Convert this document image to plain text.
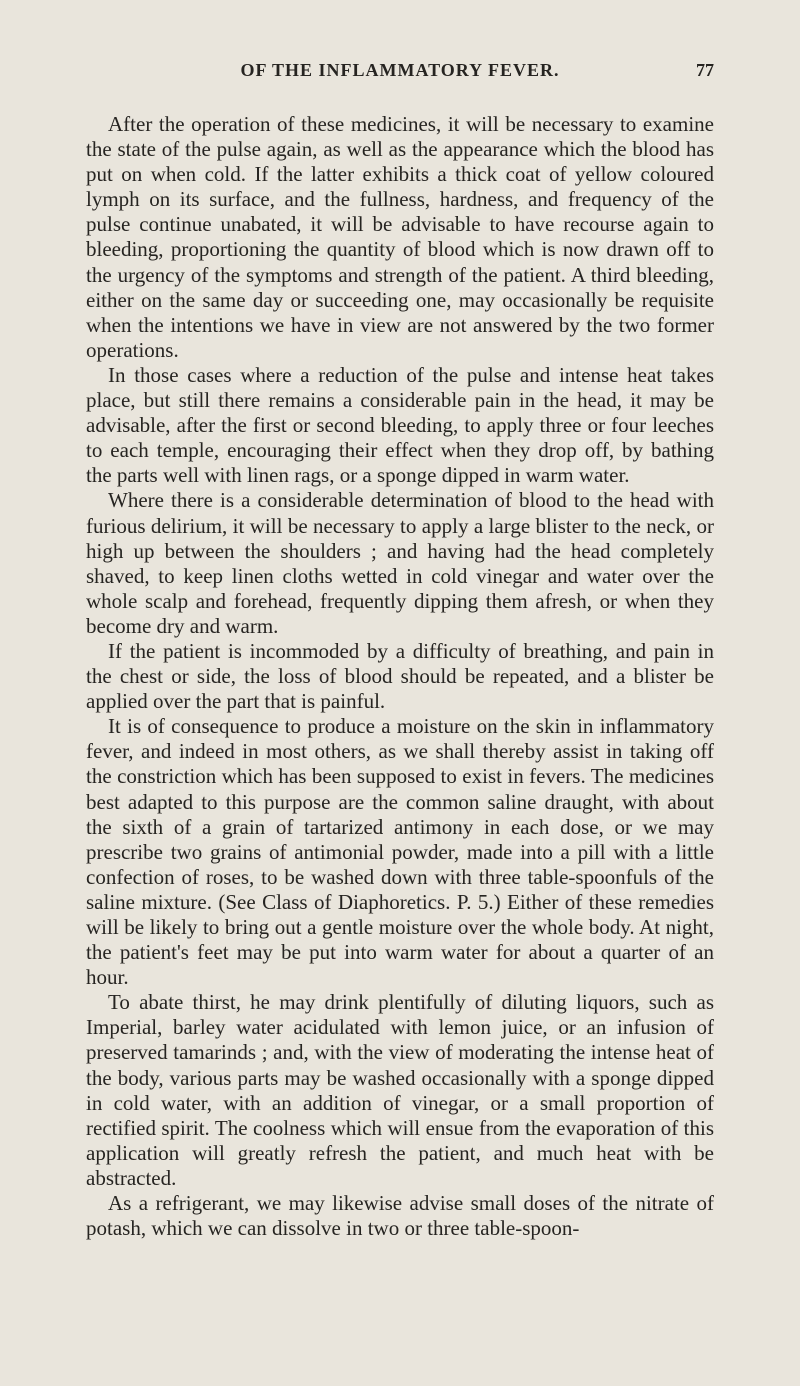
OF THE INFLAMMATORY FEVER.	77

After the operation of these medicines, it will be necessary to examine the state of the pulse again, as well as the appearance which the blood has put on when cold. If the latter exhibits a thick coat of yellow coloured lymph on its surface, and the fullness, hardness, and frequency of the pulse continue unabated, it will be advisable to have recourse again to bleeding, proportioning the quantity of blood which is now drawn off to the urgency of the symptoms and strength of the patient. A third bleeding, either on the same day or succeeding one, may occasionally be requisite when the intentions we have in view are not answered by the two former operations.

In those cases where a reduction of the pulse and intense heat takes place, but still there remains a considerable pain in the head, it may be advisable, after the first or second bleeding, to apply three or four leeches to each temple, encouraging their effect when they drop off, by bathing the parts well with linen rags, or a sponge dipped in warm water.

Where there is a considerable determination of blood to the head with furious delirium, it will be necessary to apply a large blister to the neck, or high up between the shoulders ; and having had the head completely shaved, to keep linen cloths wetted in cold vinegar and water over the whole scalp and forehead, frequently dipping them afresh, or when they become dry and warm.

If the patient is incommoded by a difficulty of breathing, and pain in the chest or side, the loss of blood should be repeated, and a blister be applied over the part that is painful.

It is of consequence to produce a moisture on the skin in inflammatory fever, and indeed in most others, as we shall thereby assist in taking off the constriction which has been supposed to exist in fevers. The medicines best adapted to this purpose are the common saline draught, with about the sixth of a grain of tartarized antimony in each dose, or we may prescribe two grains of antimonial powder, made into a pill with a little confection of roses, to be washed down with three table-spoonfuls of the saline mixture. (See Class of Diaphoretics. P. 5.) Either of these remedies will be likely to bring out a gentle moisture over the whole body. At night, the patient's feet may be put into warm water for about a quarter of an hour.

To abate thirst, he may drink plentifully of diluting liquors, such as Imperial, barley water acidulated with lemon juice, or an infusion of preserved tamarinds ; and, with the view of moderating the intense heat of the body, various parts may be washed occasionally with a sponge dipped in cold water, with an addition of vinegar, or a small proportion of rectified spirit. The coolness which will ensue from the evaporation of this application will greatly refresh the patient, and much heat with be abstracted.

As a refrigerant, we may likewise advise small doses of the nitrate of potash, which we can dissolve in two or three table-spoon-
